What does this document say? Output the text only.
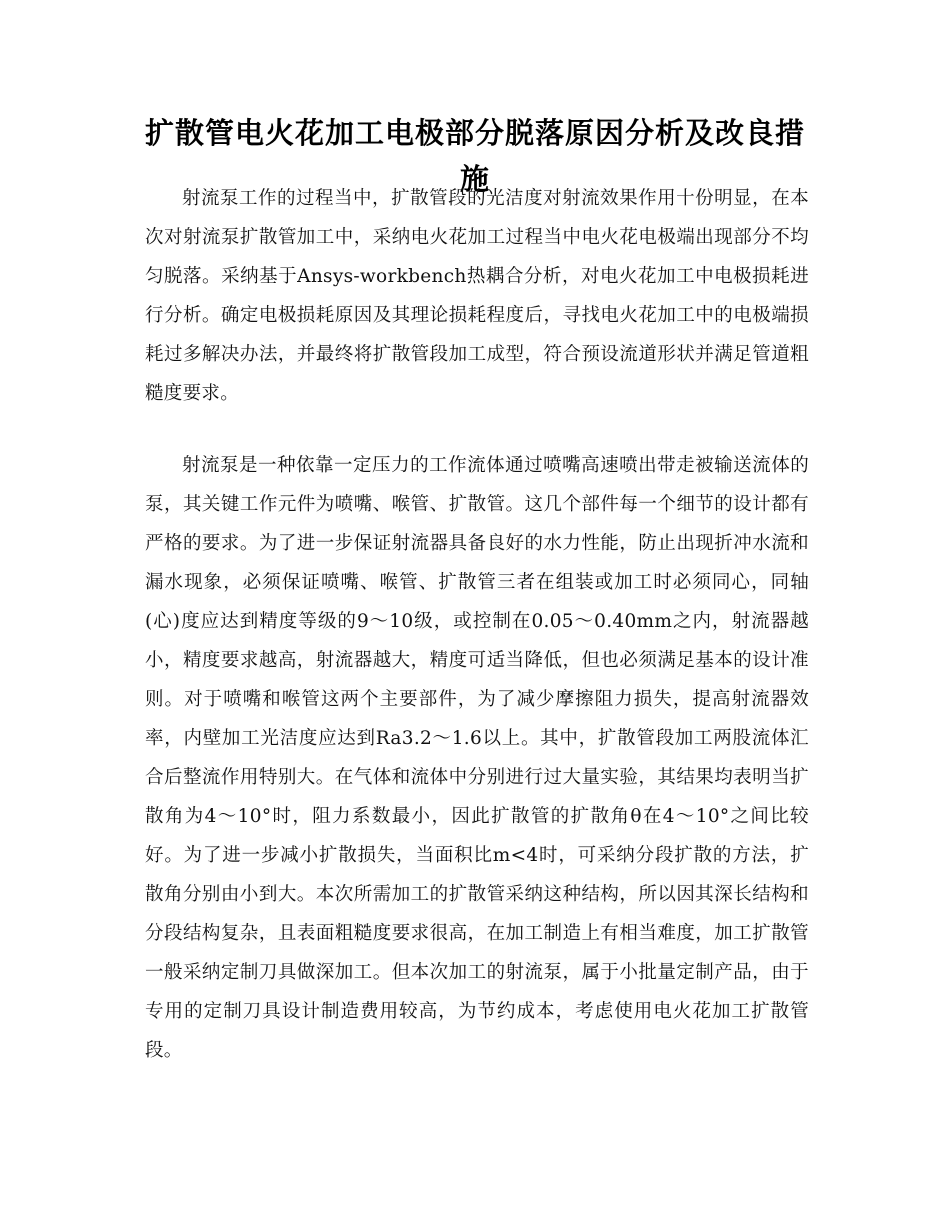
扩散管电火花加工电极部分脱落原因分析及改良措施

射流泵工作的过程当中，扩散管段的光洁度对射流效果作用十份明显，在本次对射流泵扩散管加工中，采纳电火花加工过程当中电火花电极端出现部分不均匀脱落。采纳基于Ansys-workbench热耦合分析，对电火花加工中电极损耗进行分析。确定电极损耗原因及其理论损耗程度后，寻找电火花加工中的电极端损耗过多解决办法，并最终将扩散管段加工成型，符合预设流道形状并满足管道粗糙度要求。

射流泵是一种依靠一定压力的工作流体通过喷嘴高速喷出带走被输送流体的泵，其关键工作元件为喷嘴、喉管、扩散管。这几个部件每一个细节的设计都有严格的要求。为了进一步保证射流器具备良好的水力性能，防止出现折冲水流和漏水现象，必须保证喷嘴、喉管、扩散管三者在组装或加工时必须同心，同轴(心)度应达到精度等级的9～10级，或控制在0.05～0.40mm之内，射流器越小，精度要求越高，射流器越大，精度可适当降低，但也必须满足基本的设计准则。对于喷嘴和喉管这两个主要部件，为了减少摩擦阻力损失，提高射流器效率，内壁加工光洁度应达到Ra3.2～1.6以上。其中，扩散管段加工两股流体汇合后整流作用特别大。在气体和流体中分别进行过大量实验，其结果均表明当扩散角为4～10°时，阻力系数最小，因此扩散管的扩散角θ在4～10°之间比较好。为了进一步减小扩散损失，当面积比m<4时，可采纳分段扩散的方法，扩散角分别由小到大。本次所需加工的扩散管采纳这种结构，所以因其深长结构和分段结构复杂，且表面粗糙度要求很高，在加工制造上有相当难度，加工扩散管一般采纳定制刀具做深加工。但本次加工的射流泵，属于小批量定制产品，由于专用的定制刀具设计制造费用较高，为节约成本，考虑使用电火花加工扩散管段。
